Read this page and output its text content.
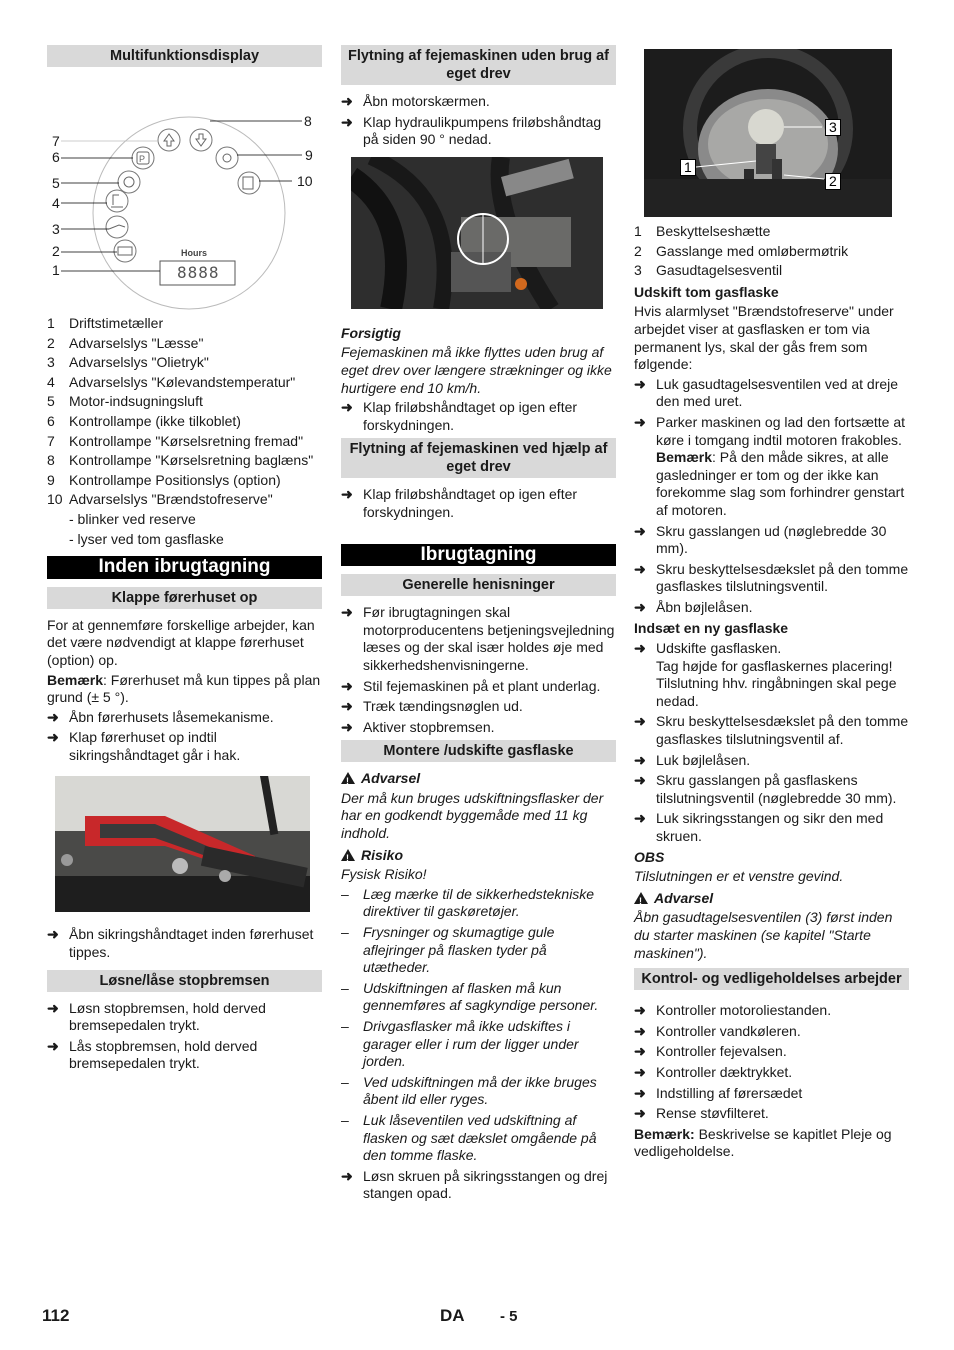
Multifunktionsdisplay
P
1
2
3
4
5
6
7
8
9
10
Hours
8888
1	Driftstimetæller
2	Advarselslys "Læsse"
3	Advarselslys "Olietryk"
4	Advarselslys "Kølevandstemperatur"
5	Motor-indsugningsluft
6	Kontrollampe (ikke tilkoblet)
7	Kontrollampe "Kørselsretning fremad"
8	Kontrollampe "Kørselsretning baglæns"
9	Kontrollampe Positionslys (option)
10 Advarselslys "Brændstofreserve"
- blinker ved reserve
- lyser ved tom gasflaske
Inden ibrugtagning
Klappe førerhuset op

For at gennemføre forskellige arbejder, kan det være nødvendigt at klappe førerhuset (option) op.

Bemærk: Førerhuset må kun tippes på plan grund (± 5 °).

➜ Åbn førerhusets låsemekanisme.
➜ Klap førerhuset op indtil sikringshåndtaget går i hak.
➜ Åbn sikringshåndtaget inden førerhuset tippes.
Løsne/låse stopbremsen
➜ Løsn stopbremsen, hold derved bremsepedalen trykt.
➜ Lås stopbremsen, hold derved bremsepedalen trykt.
Flytning af fejemaskinen uden brug af eget drev
➜ Åbn motorskærmen.
➜ Klap hydraulikpumpens friløbshåndtag på siden 90 ° nedad.

Forsigtig

Fejemaskinen må ikke flyttes uden brug af eget drev over længere strækninger og ikke hurtigere end 10 km/h.

➜ Klap friløbshåndtaget op igen efter forskydningen.
Flytning af fejemaskinen ved hjælp af eget drev
➜ Klap friløbshåndtaget op igen efter forskydningen.
Ibrugtagning
Generelle henisninger
➜ Før ibrugtagningen skal motorproducentens betjeningsvejledning læses og der skal især holdes øje med sikkerhedshenvisningerne.
➜ Stil fejemaskinen på et plant underlag.
➜ Træk tændingsnøglen ud.
➜ Aktiver stopbremsen.
Montere /udskifte gasflaske

!Advarsel

Der må kun bruges udskiftningsflasker der har en godkendt byggemåde med 11 kg indhold.

!Risiko

Fysisk Risiko!

– Læg mærke til de sikkerhedstekniske direktiver til gaskøretøjer.
– Frysninger og skumagtige gule aflejringer på flasken tyder på utætheder.
– Udskiftningen af flasken må kun gennemføres af sagkyndige personer.
– Drivgasflasker må ikke udskiftes i garager eller i rum der ligger under jorden.
– Ved udskiftningen må der ikke bruges åbent ild eller ryges.
– Luk låseventilen ved udskiftning af flasken og sæt dækslet omgående på den tomme flaske.
➜ Løsn skruen på sikringsstangen og drej stangen opad.
3
1
2
1	Beskyttelseshætte
2	Gasslange med omløbermøtrik
3	Gasudtagelsesventil

Udskift tom gasflaske

Hvis alarmlyset "Brændstofreserve" under arbejdet viser at gasflasken er tom via permanent lys, skal der gås frem som følgende:

➜ Luk gasudtagelsesventilen ved at dreje den med uret.
➜ Parker maskinen og lad den fortsætte at køre i tomgang indtil motoren frakobles.
Bemærk: På den måde sikres, at alle gasledninger er tom og der ikke kan forekomme slag som forhindrer genstart af motoren.
➜ Skru gasslangen ud (nøglebredde 30 mm).
➜ Skru beskyttelsesdækslet på den tomme gasflaskes tilslutningsventil.
➜ Åbn bøjlelåsen.

Indsæt en ny gasflaske

➜ Udskifte gasflasken.
Tag højde for gasflaskernes placering! Tilslutning hhv. ringåbningen skal pege nedad.
➜ Skru beskyttelsesdækslet på den tomme gasflaskes tilslutningsventil af.
➜ Luk bøjlelåsen.
➜ Skru gasslangen på gasflaskens tilslutningsventil (nøglebredde 30 mm).
➜ Luk sikringsstangen og sikr den med skruen.

OBS

Tilslutningen er et venstre gevind.

!Advarsel

Åbn gasudtagelsesventilen (3) først inden du starter maskinen (se kapitel "Starte maskinen").

Kontrol- og vedligeholdelses arbejder
➜ Kontroller motoroliestanden.
➜ Kontroller vandkøleren.
➜ Kontroller fejevalsen.
➜ Kontroller dæktrykket.
➜ Indstilling af førersædet
➜ Rense støvfilteret.

Bemærk: Beskrivelse se kapitlet Pleje og vedligeholdelse.

112	DA - 5
